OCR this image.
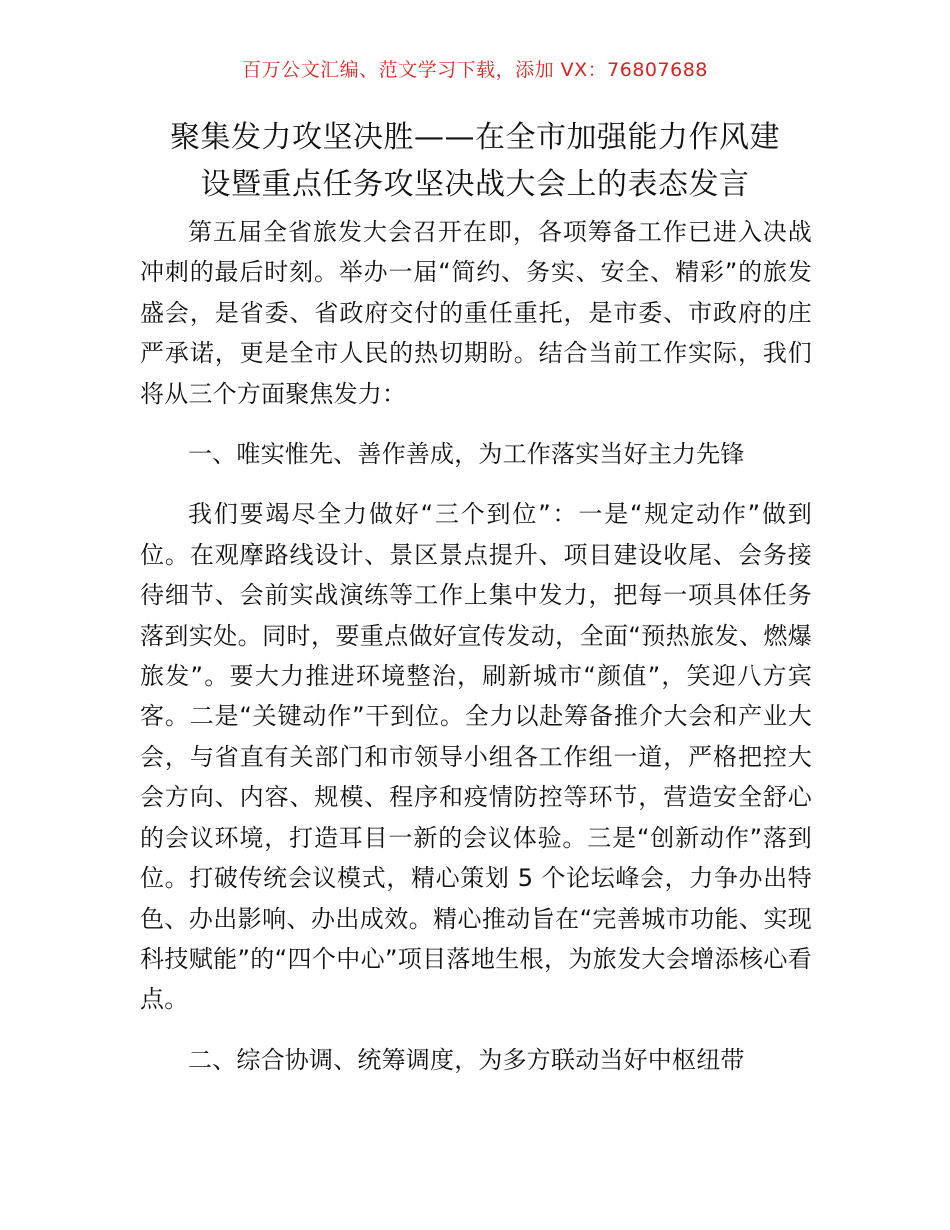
百万公文汇编、范文学习下载，添加 VX：76807688
聚集发力攻坚决胜——在全市加强能力作风建
设暨重点任务攻坚决战大会上的表态发言

第五届全省旅发大会召开在即，各项筹备工作已进入决战冲刺的最后时刻。举办一届“简约、务实、安全、精彩”的旅发盛会，是省委、省政府交付的重任重托，是市委、市政府的庄严承诺，更是全市人民的热切期盼。结合当前工作实际，我们将从三个方面聚焦发力：

一、唯实惟先、善作善成，为工作落实当好主力先锋

我们要竭尽全力做好“三个到位”：一是“规定动作”做到位。在观摩路线设计、景区景点提升、项目建设收尾、会务接待细节、会前实战演练等工作上集中发力，把每一项具体任务落到实处。同时，要重点做好宣传发动，全面“预热旅发、燃爆旅发”。要大力推进环境整治，刷新城市“颜值”，笑迎八方宾客。二是“关键动作”干到位。全力以赴筹备推介大会和产业大会，与省直有关部门和市领导小组各工作组一道，严格把控大会方向、内容、规模、程序和疫情防控等环节，营造安全舒心的会议环境，打造耳目一新的会议体验。三是“创新动作”落到位。打破传统会议模式，精心策划 5 个论坛峰会，力争办出特色、办出影响、办出成效。精心推动旨在“完善城市功能、实现科技赋能”的“四个中心”项目落地生根，为旅发大会增添核心看点。

二、综合协调、统筹调度，为多方联动当好中枢纽带
